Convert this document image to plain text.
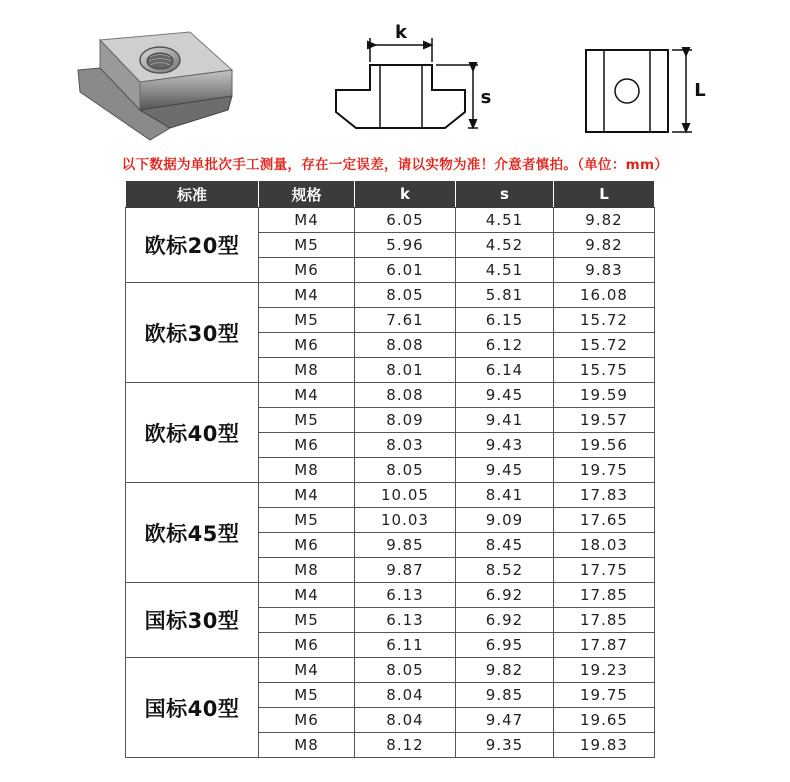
k
s	L
以下数据为单批次手工测量，存在一定误差，请以实物为准！介意者慎拍。（单位：mm）
标准	规格	k	s	L
欧标20型	M4	6.05	4.51	9.82
	M5	5.96	4.52	9.82
	M6	6.01	4.51	9.83
欧标30型	M4	8.05	5.81	16.08
	M5	7.61	6.15	15.72
	M6	8.08	6.12	15.72
	M8	8.01	6.14	15.75
欧标40型	M4	8.08	9.45	19.59
	M5	8.09	9.41	19.57
	M6	8.03	9.43	19.56
	M8	8.05	9.45	19.75
欧标45型	M4	10.05	8.41	17.83
	M5	10.03	9.09	17.65
	M6	9.85	8.45	18.03
	M8	9.87	8.52	17.75
国标30型	M4	6.13	6.92	17.85
	M5	6.13	6.92	17.85
	M6	6.11	6.95	17.87
国标40型	M4	8.05	9.82	19.23
	M5	8.04	9.85	19.75
	M6	8.04	9.47	19.65
	M8	8.12	9.35	19.83
